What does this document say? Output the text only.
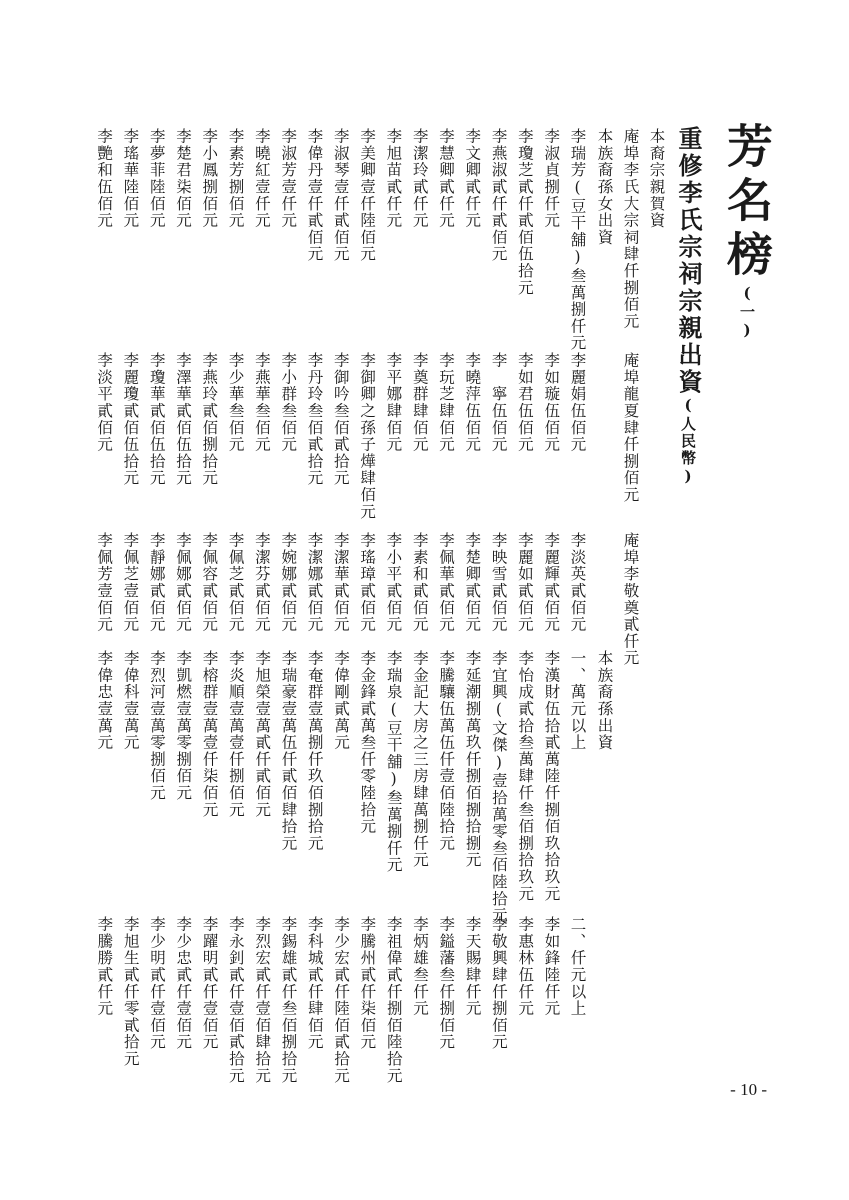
芳名榜(一)
重修李氏宗祠宗親出資(人民幣)
本裔宗親賀資
庵埠李氏大宗祠肆仟捌佰元
本族裔孫女出資
庵埠龍夏肆仟捌佰元
庵埠李敬奠貳仟元
本族裔孫出資
李瑞芳(豆干舖)叁萬捌仟元
李淑貞捌仟元
李瓊芝貳仟貳佰伍拾元
李燕淑貳仟貳佰元
李文卿貳仟元
李慧卿貳仟元
李潔玲貳仟元
李旭苗貳仟元
李美卿壹仟陸佰元
李淑琴壹仟貳佰元
李偉丹壹仟貳佰元
李淑芳壹仟元
李曉紅壹仟元
李素芳捌佰元
李小鳳捌佰元
李楚君柒佰元
李夢菲陸佰元
李瑤華陸佰元
李艷和伍佰元
李麗娟伍佰元
李如璇伍佰元
李如君伍佰元
李　寧伍佰元
李曉萍伍佰元
李玩芝肆佰元
李奠群肆佰元
李平娜肆佰元
李御卿之孫子燁肆佰元
李御吟叁佰貳拾元
李丹玲叁佰貳拾元
李小群叁佰元
李燕華叁佰元
李少華叁佰元
李燕玲貳佰捌拾元
李澤華貳佰伍拾元
李瓊華貳佰伍拾元
李麗瓊貳佰伍拾元
李淡平貳佰元
李淡英貳佰元
李麗輝貳佰元
李麗如貳佰元
李映雪貳佰元
李楚卿貳佰元
李佩華貳佰元
李素和貳佰元
李小平貳佰元
李瑤璋貳佰元
李潔華貳佰元
李潔娜貳佰元
李婉娜貳佰元
李潔芬貳佰元
李佩芝貳佰元
李佩容貳佰元
李佩娜貳佰元
李靜娜貳佰元
李佩芝壹佰元
李佩芳壹佰元
一、萬元以上
李漢財伍拾貳萬陸仟捌佰玖拾玖元
李怡成貳拾叁萬肆仟叁佰捌拾玖元
李宜興(文傑)壹拾萬零叁佰陸拾元
李延潮捌萬玖仟捌佰捌拾捌元
李騰驤伍萬伍仟壹佰陸拾元
李金記大房之三房肆萬捌仟元
李瑞泉(豆干舖)叁萬捌仟元
李金鋒貳萬叁仟零陸拾元
李偉剛貳萬元
李奄群壹萬捌仟玖佰捌拾元
李瑞豪壹萬伍仟貳佰肆拾元
李旭榮壹萬貳仟貳佰元
李炎順壹萬壹仟捌佰元
李榕群壹萬壹仟柒佰元
李凱燃壹萬零捌佰元
李烈河壹萬零捌佰元
李偉科壹萬元
李偉忠壹萬元
二、仟元以上
李如鋒陸仟元
李惠林伍仟元
李敬興肆仟捌佰元
李天賜肆仟元
李鎰藩叁仟捌佰元
李炳雄叁仟元
李祖偉貳仟捌佰陸拾元
李騰州貳仟柒佰元
李少宏貳仟陸佰貳拾元
李科城貳仟肆佰元
李錫雄貳仟叁佰捌拾元
李烈宏貳仟壹佰肆拾元
李永釗貳仟壹佰貳拾元
李躍明貳仟壹佰元
李少忠貳仟壹佰元
李少明貳仟壹佰元
李旭生貳仟零貳拾元
李騰勝貳仟元
- 10 -
